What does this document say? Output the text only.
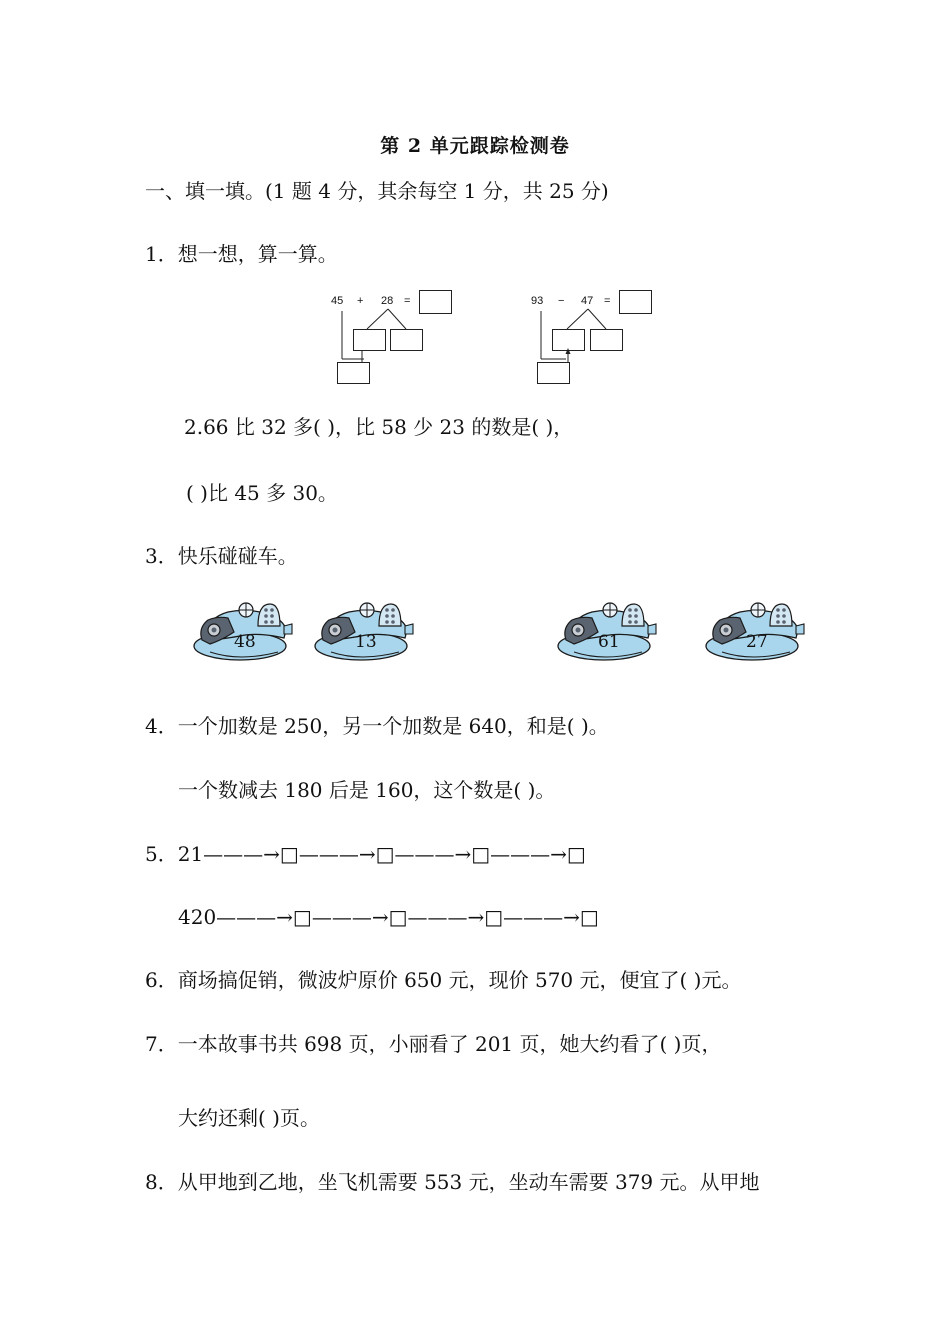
第 2 单元跟踪检测卷
一、填一填。(1 题 4 分，其余每空 1 分，共 25 分)
1．想一想，算一算。
45 + 28 =	93 − 47 =
2.66 比 32 多( )，比 58 少 23 的数是( )，
( )比 45 多 30。
3．快乐碰碰车。
48	13	61	27
4．一个加数是 250，另一个加数是 640，和是( )。
一个数减去 180 后是 160，这个数是( )。
5．21———→□———→□———→□———→□
420———→□———→□———→□———→□
6．商场搞促销，微波炉原价 650 元，现价 570 元，便宜了( )元。
7．一本故事书共 698 页，小丽看了 201 页，她大约看了( )页，
大约还剩( )页。
8．从甲地到乙地，坐飞机需要 553 元，坐动车需要 379 元。从甲地
